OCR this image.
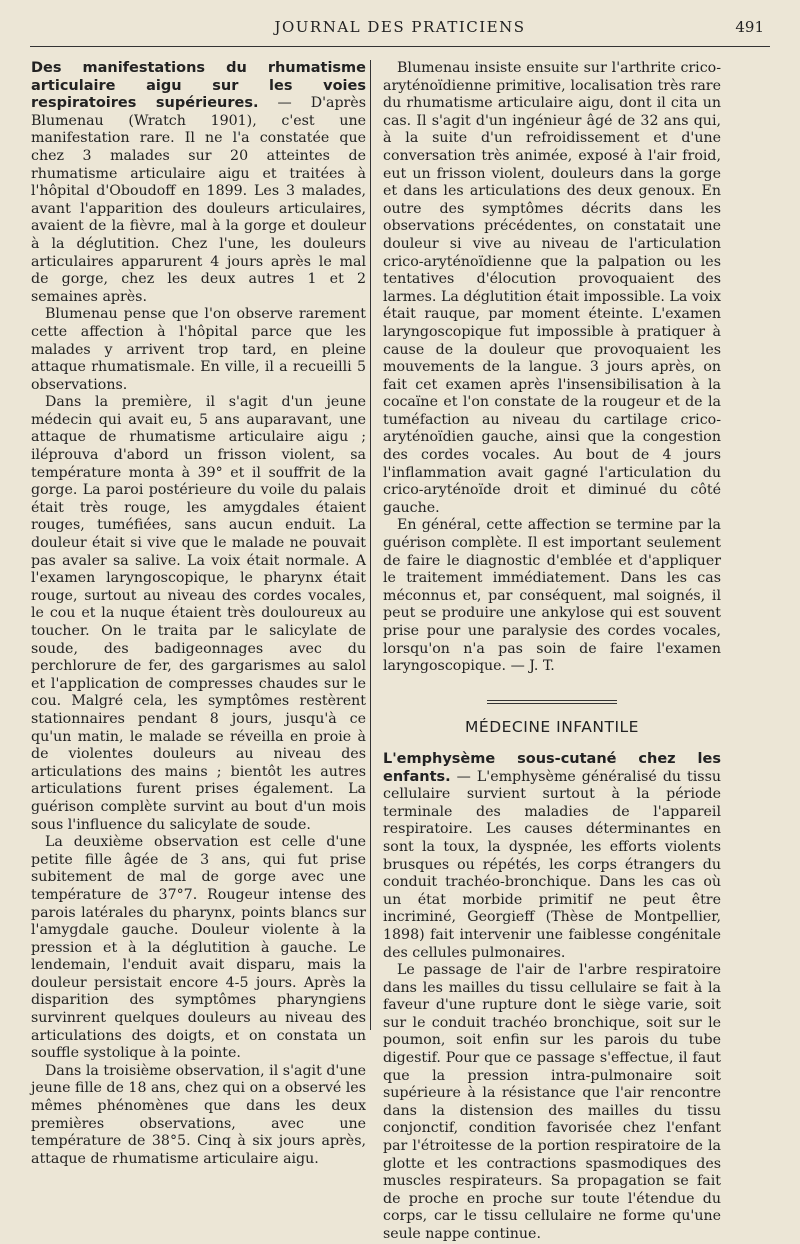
JOURNAL DES PRATICIENS	491

Des manifestations du rhumatisme articulaire aigu sur les voies respiratoires supérieures. — D'après Blumenau (Wratch 1901), c'est une manifestation rare. Il ne l'a constatée que chez 3 malades sur 20 atteintes de rhumatisme articulaire aigu et traitées à l'hôpital d'Oboudoff en 1899. Les 3 malades, avant l'apparition des douleurs articulaires, avaient de la fièvre, mal à la gorge et douleur à la déglutition. Chez l'une, les douleurs articulaires apparurent 4 jours après le mal de gorge, chez les deux autres 1 et 2 semaines après.

Blumenau pense que l'on observe rarement cette affection à l'hôpital parce que les malades y arrivent trop tard, en pleine attaque rhumatismale. En ville, il a recueilli 5 observations.

Dans la première, il s'agit d'un jeune médecin qui avait eu, 5 ans auparavant, une attaque de rhumatisme articulaire aigu ; iléprouva d'abord un frisson violent, sa température monta à 39° et il souffrit de la gorge. La paroi postérieure du voile du palais était très rouge, les amygdales étaient rouges, tuméfiées, sans aucun enduit. La douleur était si vive que le malade ne pouvait pas avaler sa salive. La voix était normale. A l'examen laryngoscopique, le pharynx était rouge, surtout au niveau des cordes vocales, le cou et la nuque étaient très douloureux au toucher. On le traita par le salicylate de soude, des badigeonnages avec du perchlorure de fer, des gargarismes au salol et l'application de compresses chaudes sur le cou. Malgré cela, les symptômes restèrent stationnaires pendant 8 jours, jusqu'à ce qu'un matin, le malade se réveilla en proie à de violentes douleurs au niveau des articulations des mains ; bientôt les autres articulations furent prises également. La guérison complète survint au bout d'un mois sous l'influence du salicylate de soude.

La deuxième observation est celle d'une petite fille âgée de 3 ans, qui fut prise subitement de mal de gorge avec une température de 37°7. Rougeur intense des parois latérales du pharynx, points blancs sur l'amygdale gauche. Douleur violente à la pression et à la déglutition à gauche. Le lendemain, l'enduit avait disparu, mais la douleur persistait encore 4-5 jours. Après la disparition des symptômes pharyngiens survinrent quelques douleurs au niveau des articulations des doigts, et on constata un souffle systolique à la pointe.

Dans la troisième observation, il s'agit d'une jeune fille de 18 ans, chez qui on a observé les mêmes phénomènes que dans les deux premières observations, avec une température de 38°5. Cinq à six jours après, attaque de rhumatisme articulaire aigu.

Blumenau insiste ensuite sur l'arthrite crico-aryténoïdienne primitive, localisation très rare du rhumatisme articulaire aigu, dont il cita un cas. Il s'agit d'un ingénieur âgé de 32 ans qui, à la suite d'un refroidissement et d'une conversation très animée, exposé à l'air froid, eut un frisson violent, douleurs dans la gorge et dans les articulations des deux genoux. En outre des symptômes décrits dans les observations précédentes, on constatait une douleur si vive au niveau de l'articulation crico-aryténoïdienne que la palpation ou les tentatives d'élocution provoquaient des larmes. La déglutition était impossible. La voix était rauque, par moment éteinte. L'examen laryngoscopique fut impossible à pratiquer à cause de la douleur que provoquaient les mouvements de la langue. 3 jours après, on fait cet examen après l'insensibilisation à la cocaïne et l'on constate de la rougeur et de la tuméfaction au niveau du cartilage crico-aryténoïdien gauche, ainsi que la congestion des cordes vocales. Au bout de 4 jours l'inflammation avait gagné l'articulation du crico-aryténoïde droit et diminué du côté gauche.

En général, cette affection se termine par la guérison complète. Il est important seulement de faire le diagnostic d'emblée et d'appliquer le traitement immédiatement. Dans les cas méconnus et, par conséquent, mal soignés, il peut se produire une ankylose qui est souvent prise pour une paralysie des cordes vocales, lorsqu'on n'a pas soin de faire l'examen laryngoscopique. — J. T.

MÉDECINE INFANTILE

L'emphysème sous-cutané chez les enfants. — L'emphysème généralisé du tissu cellulaire survient surtout à la période terminale des maladies de l'appareil respiratoire. Les causes déterminantes en sont la toux, la dyspnée, les efforts violents brusques ou répétés, les corps étrangers du conduit trachéo-bronchique. Dans les cas où un état morbide primitif ne peut être incriminé, Georgieff (Thèse de Montpellier, 1898) fait intervenir une faiblesse congénitale des cellules pulmonaires.

Le passage de l'air de l'arbre respiratoire dans les mailles du tissu cellulaire se fait à la faveur d'une rupture dont le siège varie, soit sur le conduit trachéo bronchique, soit sur le poumon, soit enfin sur les parois du tube digestif. Pour que ce passage s'effectue, il faut que la pression intra-pulmonaire soit supérieure à la résistance que l'air rencontre dans la distension des mailles du tissu conjonctif, condition favorisée chez l'enfant par l'étroitesse de la portion respiratoire de la glotte et les contractions spasmodiques des muscles respirateurs. Sa propagation se fait de proche en proche sur toute l'étendue du corps, car le tissu cellulaire ne forme qu'une seule nappe continue.
